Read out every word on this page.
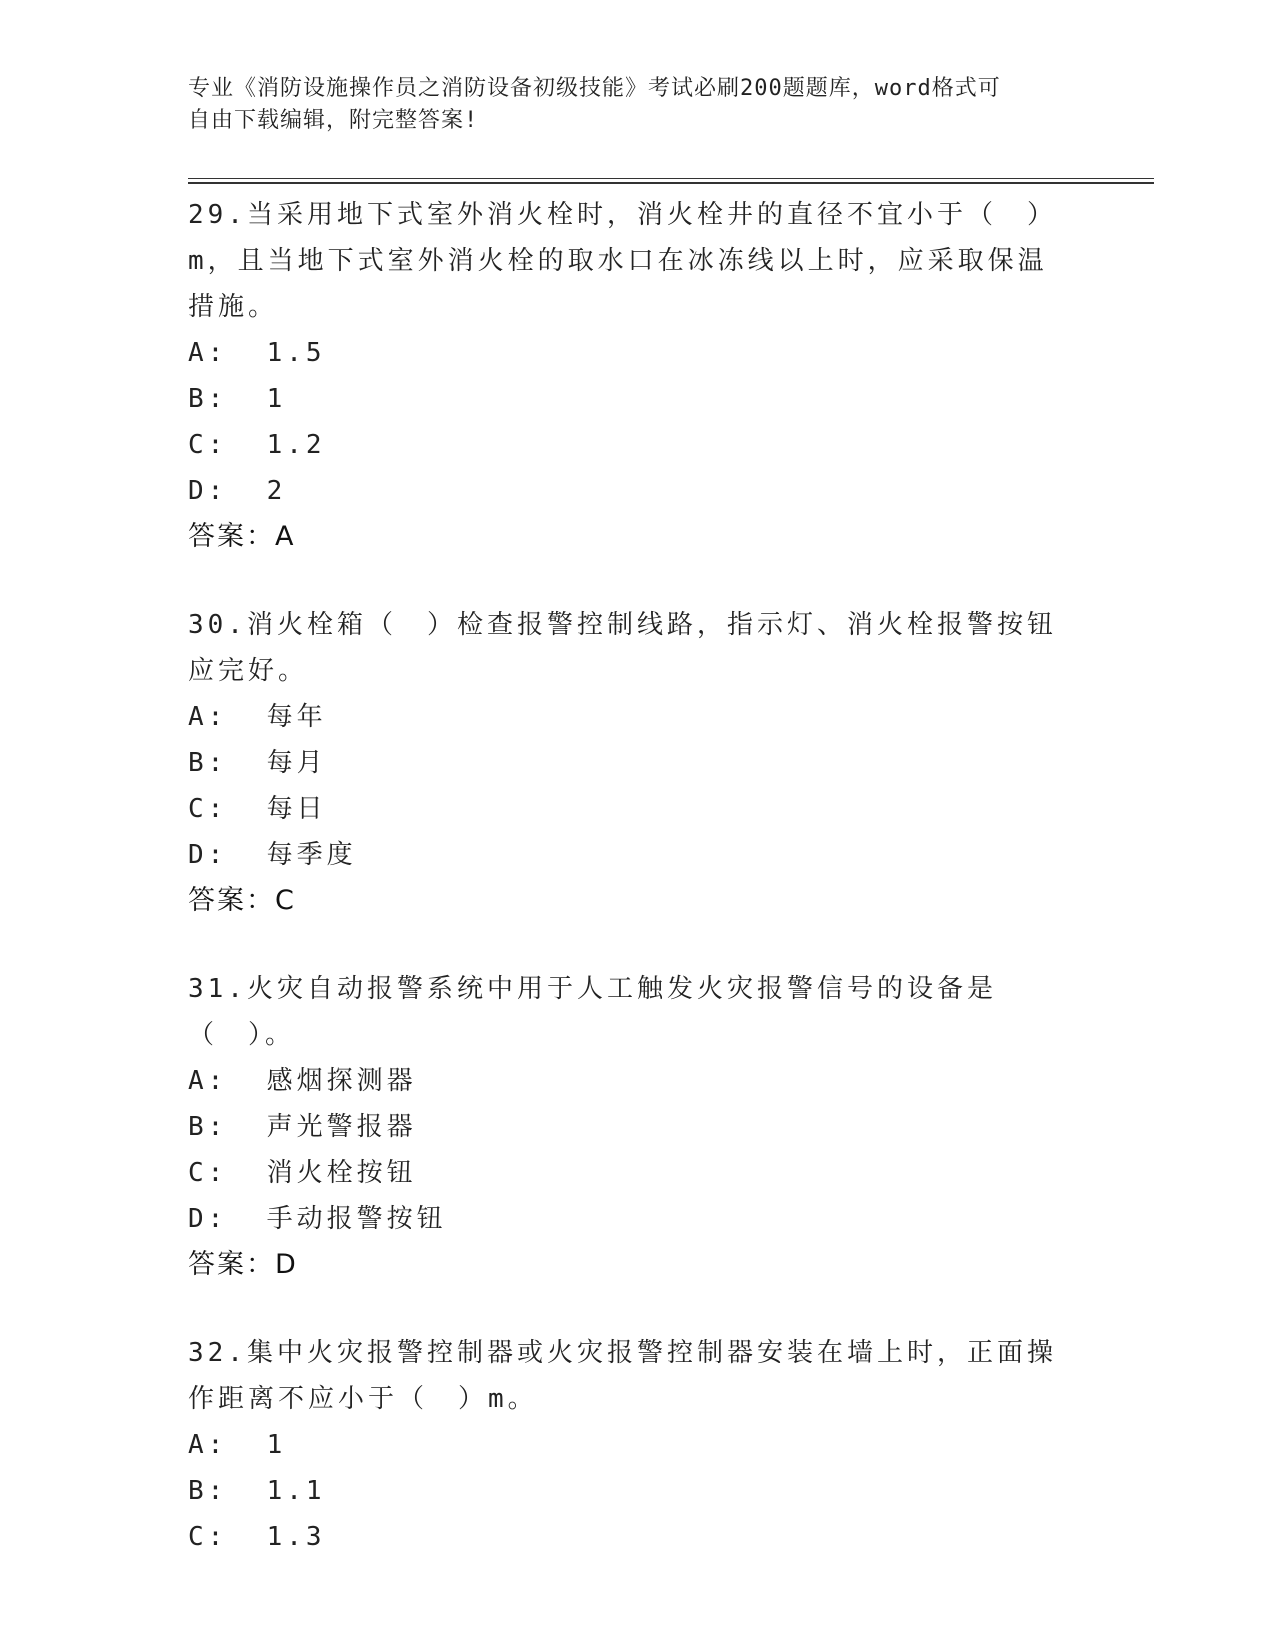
专业《消防设施操作员之消防设备初级技能》考试必刷200题题库，word格式可
自由下载编辑，附完整答案!

29.当采用地下式室外消火栓时，消火栓井的直径不宜小于（　）m，且当地下式室外消火栓的取水口在冰冻线以上时，应采取保温措施。

A:  1.5

B:  1

C:  1.2

D:  2

答案：A

30.消火栓箱（　）检查报警控制线路，指示灯、消火栓报警按钮应完好。

A:  每年

B:  每月

C:  每日

D:  每季度

答案：C

31.火灾自动报警系统中用于人工触发火灾报警信号的设备是（　）。

A:  感烟探测器

B:  声光警报器

C:  消火栓按钮

D:  手动报警按钮

答案：D

32.集中火灾报警控制器或火灾报警控制器安装在墙上时，正面操作距离不应小于（　）m。

A:  1

B:  1.1

C:  1.3
